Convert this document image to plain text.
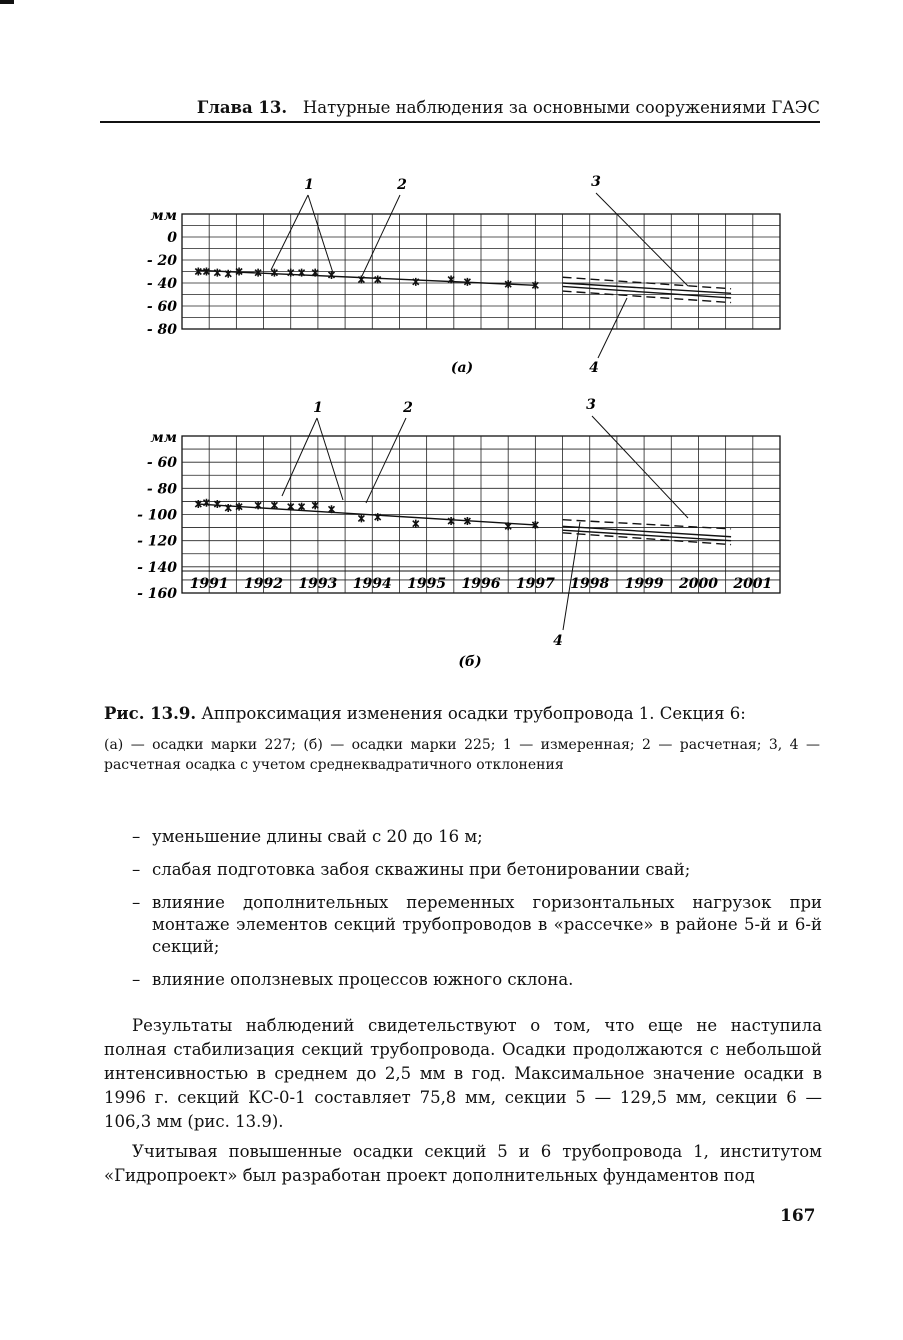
Глава 13. Натурные наблюдения за основными сооружениями ГАЭС
0
- 20
- 40
- 60
- 80
мм
1	2	3
4
(а)
- 60
- 80
- 100
- 120
- 140
- 160
мм
1991 1992 1993 1994 1995 1996 1997 1998 1999 2000 2001
1	2	3
4
(б)
Рис. 13.9. Аппроксимация изменения осадки трубопровода 1. Секция 6:
(а) — осадки марки 227; (б) — осадки марки 225; 1 — измеренная; 2 — расчетная; 3, 4 — расчетная осадка с учетом среднеквадратичного отклонения
– уменьшение длины свай с 20 до 16 м;
– слабая подготовка забоя скважины при бетонировании свай;
– влияние дополнительных переменных горизонтальных нагрузок при монтаже элементов секций трубопроводов в «рассечке» в районе 5-й и 6-й секций;
– влияние оползневых процессов южного склона.

Результаты наблюдений свидетельствуют о том, что еще не наступила полная стабилизация секций трубопровода. Осадки продолжаются с небольшой интенсивностью в среднем до 2,5 мм в год. Максимальное значение осадки в 1996 г. секций КС-0-1 составляет 75,8 мм, секции 5 — 129,5 мм, секции 6 — 106,3 мм (рис. 13.9).

Учитывая повышенные осадки секций 5 и 6 трубопровода 1, институтом «Гидропроект» был разработан проект дополнительных фундаментов под

167
